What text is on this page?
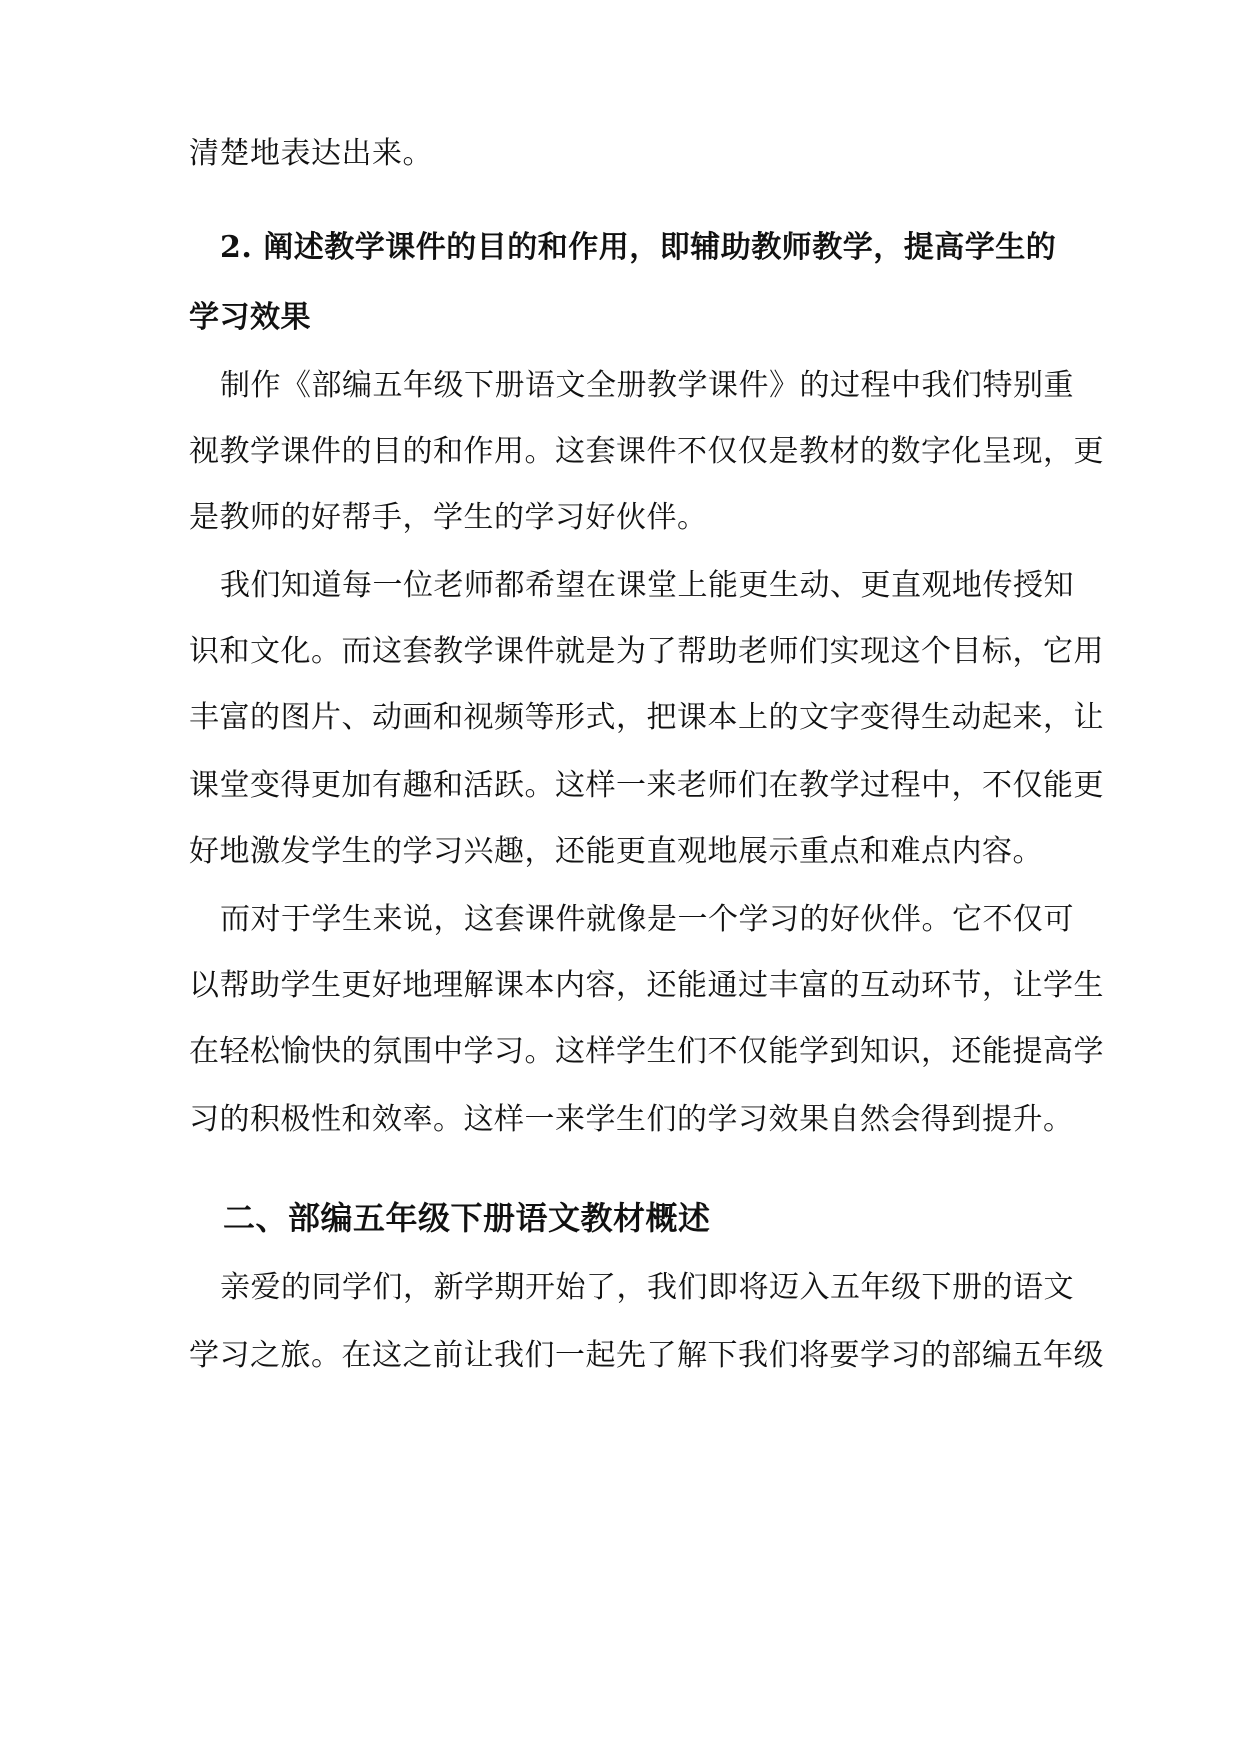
清楚地表达出来。
2. 阐述教学课件的目的和作用，即辅助教师教学，提高学生的
学习效果
制作《部编五年级下册语文全册教学课件》的过程中我们特别重
视教学课件的目的和作用。这套课件不仅仅是教材的数字化呈现，更
是教师的好帮手，学生的学习好伙伴。
我们知道每一位老师都希望在课堂上能更生动、更直观地传授知
识和文化。而这套教学课件就是为了帮助老师们实现这个目标，它用
丰富的图片、动画和视频等形式，把课本上的文字变得生动起来，让
课堂变得更加有趣和活跃。这样一来老师们在教学过程中，不仅能更
好地激发学生的学习兴趣，还能更直观地展示重点和难点内容。
而对于学生来说，这套课件就像是一个学习的好伙伴。它不仅可
以帮助学生更好地理解课本内容，还能通过丰富的互动环节，让学生
在轻松愉快的氛围中学习。这样学生们不仅能学到知识，还能提高学
习的积极性和效率。这样一来学生们的学习效果自然会得到提升。
二、部编五年级下册语文教材概述
亲爱的同学们，新学期开始了，我们即将迈入五年级下册的语文
学习之旅。在这之前让我们一起先了解下我们将要学习的部编五年级
